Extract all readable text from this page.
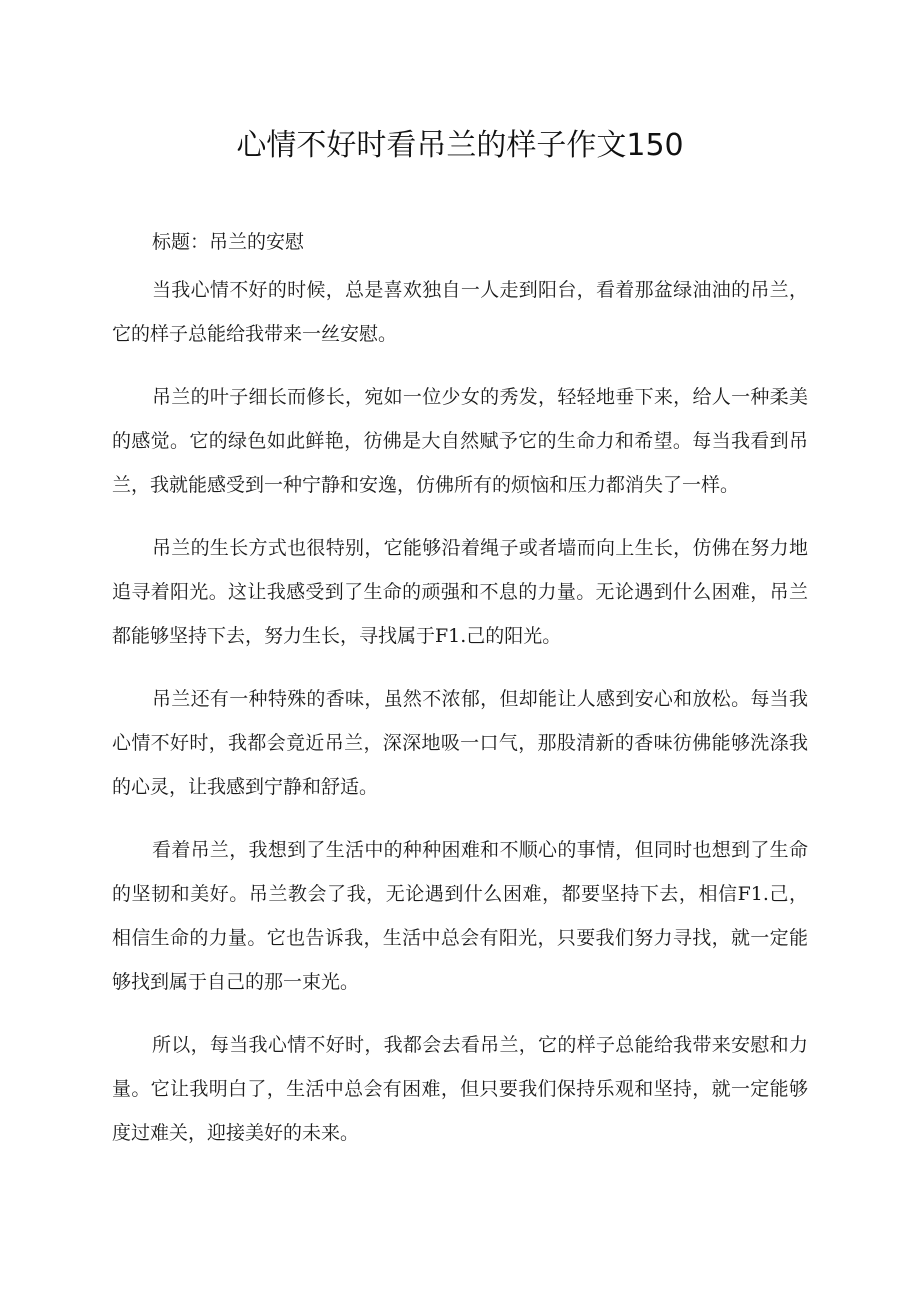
心情不好时看吊兰的样子作文150

标题：吊兰的安慰

当我心情不好的时候，总是喜欢独自一人走到阳台，看着那盆绿油油的吊兰，它的样子总能给我带来一丝安慰。

吊兰的叶子细长而修长，宛如一位少女的秀发，轻轻地垂下来，给人一种柔美的感觉。它的绿色如此鲜艳，彷佛是大自然赋予它的生命力和希望。每当我看到吊兰，我就能感受到一种宁静和安逸，仿佛所有的烦恼和压力都消失了一样。

吊兰的生长方式也很特别，它能够沿着绳子或者墙而向上生长，仿佛在努力地追寻着阳光。这让我感受到了生命的顽强和不息的力量。无论遇到什么困难，吊兰都能够坚持下去，努力生长，寻找属于F1.己的阳光。

吊兰还有一种特殊的香味，虽然不浓郁，但却能让人感到安心和放松。每当我心情不好时，我都会竟近吊兰，深深地吸一口气，那股清新的香味彷佛能够洗涤我的心灵，让我感到宁静和舒适。

看着吊兰，我想到了生活中的种种困难和不顺心的事情，但同时也想到了生命的坚韧和美好。吊兰教会了我，无论遇到什么困难，都要坚持下去，相信F1.己，相信生命的力量。它也告诉我，生活中总会有阳光，只要我们努力寻找，就一定能够找到属于自己的那一束光。

所以，每当我心情不好时，我都会去看吊兰，它的样子总能给我带来安慰和力量。它让我明白了，生活中总会有困难，但只要我们保持乐观和坚持，就一定能够度过难关，迎接美好的未来。
